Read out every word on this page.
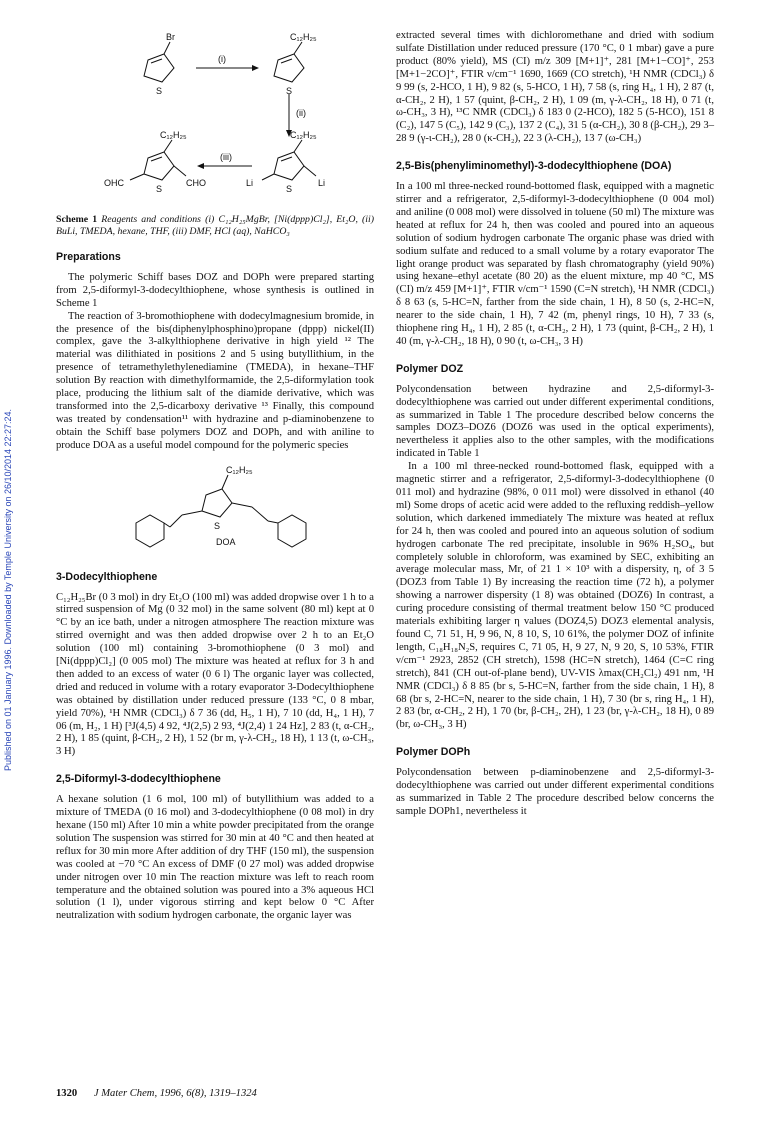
Published on 01 January 1996. Downloaded by Temple University on 26/10/2014 22:27:24.
Br
S
C₁₂H₂₅
S
C₁₂H₂₅
S
Li	Li
C₁₂H₂₅
S
OHC	CHO
(i)
(ii)
(iii)
Scheme 1 Reagents and conditions (i) C₁₂H₂₅MgBr, [Ni(dppp)Cl₂], Et₂O, (ii) BuLi, TMEDA, hexane, THF, (iii) DMF, HCl (aq), NaHCO₃
Preparations

The polymeric Schiff bases DOZ and DOPh were prepared starting from 2,5-diformyl-3-dodecylthiophene, whose synthesis is outlined in Scheme 1

The reaction of 3-bromothiophene with dodecylmagnesium bromide, in the presence of the bis(diphenylphosphino)propane (dppp) nickel(II) complex, gave the 3-alkylthiophene derivative in high yield ¹² The material was dilithiated in positions 2 and 5 using butyllithium, in the presence of tetramethylethylenediamine (TMEDA), in hexane–THF solution By reaction with dimethylformamide, the 2,5-diformylation took place, producing the lithium salt of the diamide derivative, which was transformed into the 2,5-dicarboxy derivative ¹³ Finally, this compound was treated by condensation¹¹ with hydrazine and p-diaminobenzene to obtain the Schiff base polymers DOZ and DOPh, and with aniline to produce DOA as a useful model compound for the polymeric species

C₁₂H₂₅
S
DOA
3-Dodecylthiophene

C₁₂H₂₅Br (0 3 mol) in dry Et₂O (100 ml) was added dropwise over 1 h to a stirred suspension of Mg (0 32 mol) in the same solvent (80 ml) kept at 0 °C by an ice bath, under a nitrogen atmosphere The reaction mixture was stirred overnight and was then added dropwise over 2 h to an Et₂O solution (100 ml) containing 3-bromothiophene (0 3 mol) and [Ni(dppp)Cl₂] (0 005 mol) The mixture was heated at reflux for 3 h and then added to an excess of water (0 6 l) The organic layer was collected, dried and reduced in volume with a rotary evaporator 3-Dodecylthiophene was obtained by distillation under reduced pressure (133 °C, 0 8 mbar, yield 70%), ¹H NMR (CDCl₃) δ 7 36 (dd, H₅, 1 H), 7 10 (dd, H₄, 1 H), 7 06 (m, H₂, 1 H) [³J(4,5) 4 92, ⁴J(2,5) 2 93, ⁴J(2,4) 1 24 Hz], 2 83 (t, α-CH₂, 2 H), 1 85 (quint, β-CH₂, 2 H), 1 52 (br m, γ-λ-CH₂, 18 H), 1 13 (t, ω-CH₃, 3 H)

2,5-Diformyl-3-dodecylthiophene

A hexane solution (1 6 mol, 100 ml) of butyllithium was added to a mixture of TMEDA (0 16 mol) and 3-dodecylthiophene (0 08 mol) in dry hexane (150 ml) After 10 min a white powder precipitated from the orange solution The suspension was stirred for 30 min at 40 °C and then heated at reflux for 30 min more After addition of dry THF (150 ml), the suspension was cooled at −70 °C An excess of DMF (0 27 mol) was added dropwise under nitrogen over 10 min The reaction mixture was left to reach room temperature and the obtained solution was poured into a 3% aqueous HCl solution (1 l), under vigorous stirring and kept below 0 °C After neutralization with sodium hydrogen carbonate, the organic layer was

extracted several times with dichloromethane and dried with sodium sulfate Distillation under reduced pressure (170 °C, 0 1 mbar) gave a pure product (80% yield), MS (CI) m/z 309 [M+1]⁺, 281 [M+1−CO]⁺, 253 [M+1−2CO]⁺, FTIR ν/cm⁻¹ 1690, 1669 (CO stretch), ¹H NMR (CDCl₃) δ 9 99 (s, 2-HCO, 1 H), 9 82 (s, 5-HCO, 1 H), 7 58 (s, ring H₄, 1 H), 2 87 (t, α-CH₂, 2 H), 1 57 (quint, β-CH₂, 2 H), 1 09 (m, γ-λ-CH₂, 18 H), 0 71 (t, ω-CH₃, 3 H), ¹³C NMR (CDCl₃) δ 183 0 (2-HCO), 182 5 (5-HCO), 151 8 (C₂), 147 5 (C₅), 142 9 (C₃), 137 2 (C₄), 31 5 (α-CH₂), 30 8 (β-CH₂), 29 3–28 9 (γ-ι-CH₂), 28 0 (κ-CH₂), 22 3 (λ-CH₂), 13 7 (ω-CH₃)

2,5-Bis(phenyliminomethyl)-3-dodecylthiophene (DOA)

In a 100 ml three-necked round-bottomed flask, equipped with a magnetic stirrer and a refrigerator, 2,5-diformyl-3-dodecylthiophene (0 004 mol) and aniline (0 008 mol) were dissolved in toluene (50 ml) The mixture was heated at reflux for 24 h, then was cooled and poured into an aqueous solution of sodium hydrogen carbonate The organic phase was dried with sodium sulfate and reduced to a small volume by a rotary evaporator The light orange product was separated by flash chromatography (yield 90%) using hexane–ethyl acetate (80 20) as the eluent mixture, mp 40 °C, MS (CI) m/z 459 [M+1]⁺, FTIR ν/cm⁻¹ 1590 (C=N stretch), ¹H NMR (CDCl₃) δ 8 63 (s, 5-HC=N, farther from the side chain, 1 H), 8 50 (s, 2-HC=N, nearer to the side chain, 1 H), 7 42 (m, phenyl rings, 10 H), 7 33 (s, thiophene ring H₄, 1 H), 2 85 (t, α-CH₂, 2 H), 1 73 (quint, β-CH₂, 2 H), 1 40 (m, γ-λ-CH₂, 18 H), 0 90 (t, ω-CH₃, 3 H)

Polymer DOZ

Polycondensation between hydrazine and 2,5-diformyl-3-dodecylthiophene was carried out under different experimental conditions, as summarized in Table 1 The procedure described below concerns the samples DOZ3–DOZ6 (DOZ6 was used in the optical experiments), nevertheless it applies also to the other samples, with the modifications indicated in Table 1

In a 100 ml three-necked round-bottomed flask, equipped with a magnetic stirrer and a refrigerator, 2,5-diformyl-3-dodecylthiophene (0 011 mol) and hydrazine (98%, 0 011 mol) were dissolved in ethanol (40 ml) Some drops of acetic acid were added to the refluxing reddish–yellow solution, which darkened immediately The mixture was heated at reflux for 24 h, then was cooled and poured into an aqueous solution of sodium hydrogen carbonate The red precipitate, insoluble in 96% H₂SO₄, but completely soluble in chloroform, was examined by SEC, exhibiting an average molecular mass, Mr, of 21 1 × 10³ with a dispersity, η, of 3 5 (DOZ3 from Table 1) By increasing the reaction time (72 h), a polymer showing a narrower dispersity (1 8) was obtained (DOZ6) In contrast, a curing procedure consisting of thermal treatment below 150 °C produced materials exhibiting larger η values (DOZ4,5) DOZ3 elemental analysis, found C, 71 51, H, 9 96, N, 8 10, S, 10 61%, the polymer DOZ of infinite length, C₁₈H₁₈N₂S, requires C, 71 05, H, 9 27, N, 9 20, S, 10 53%, FTIR ν/cm⁻¹ 2923, 2852 (CH stretch), 1598 (HC=N stretch), 1464 (C=C ring stretch), 841 (CH out-of-plane bend), UV-VIS λmax(CH₂Cl₂) 491 nm, ¹H NMR (CDCl₃) δ 8 85 (br s, 5-HC=N, farther from the side chain, 1 H), 8 68 (br s, 2-HC=N, nearer to the side chain, 1 H), 7 30 (br s, ring H₄, 1 H), 2 83 (br, α-CH₂, 2 H), 1 70 (br, β-CH₂, 2H), 1 23 (br, γ-λ-CH₂, 18 H), 0 89 (br, ω-CH₃, 3 H)

Polymer DOPh

Polycondensation between p-diaminobenzene and 2,5-diformyl-3-dodecylthiophene was carried out under different experimental conditions as summarized in Table 2 The procedure described below concerns the sample DOPh1, nevertheless it

1320 J Mater Chem, 1996, 6(8), 1319–1324
